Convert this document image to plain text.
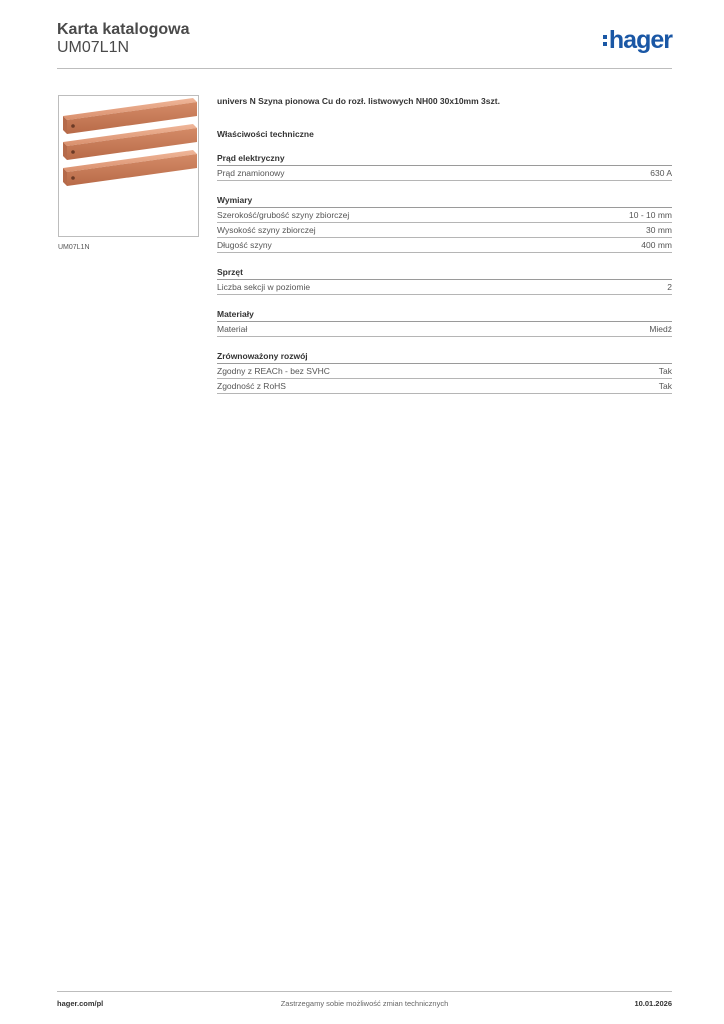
Karta katalogowa
UM07L1N	hager
UM07L1N
univers N Szyna pionowa Cu do rozł. listwowych NH00 30x10mm 3szt.
Właściwości techniczne
Prąd elektryczny
Prąd znamionowy	630 A
Wymiary
Szerokość/grubość szyny zbiorczej	10 - 10 mm
Wysokość szyny zbiorczej	30 mm
Długość szyny	400 mm
Sprzęt
Liczba sekcji w poziomie	2
Materiały
Materiał	Miedź
Zrównoważony rozwój
Zgodny z REACh - bez SVHC	Tak
Zgodność z RoHS	Tak
hager.com/pl	Zastrzegamy sobie możliwość zmian technicznych	10.01.2026
